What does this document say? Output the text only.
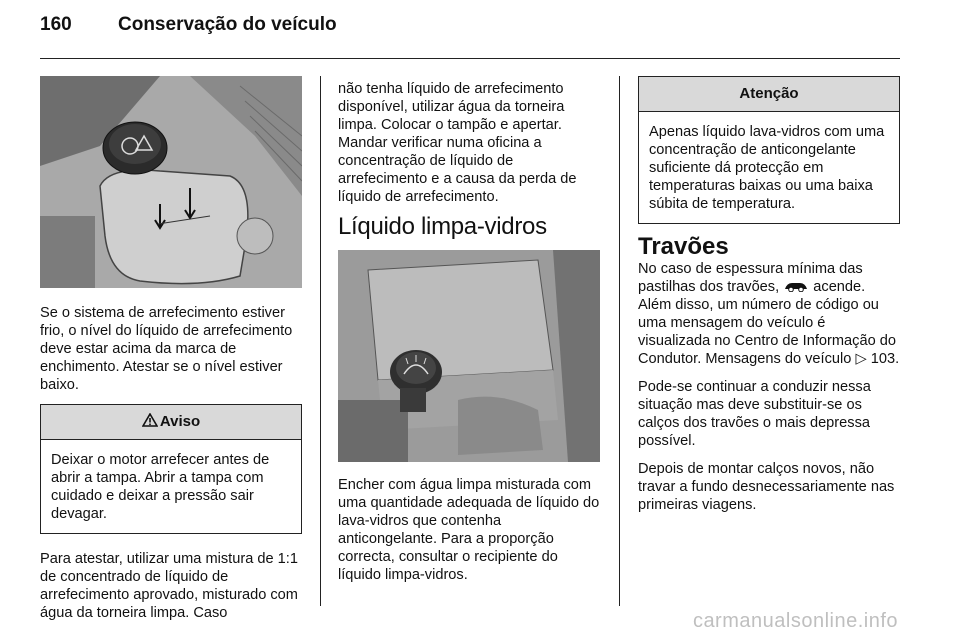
160	Conservação do veículo

Se o sistema de arrefecimento estiver frio, o nível do líquido de arrefecimento deve estar acima da marca de enchimento. Atestar se o nível estiver baixo.

Aviso
Deixar o motor arrefecer antes de abrir a tampa. Abrir a tampa com cuidado e deixar a pressão sair devagar.

Para atestar, utilizar uma mistura de 1:1 de concentrado de líquido de arrefecimento aprovado, misturado com água da torneira limpa. Caso

não tenha líquido de arrefecimento disponível, utilizar água da torneira limpa. Colocar o tampão e apertar. Mandar verificar numa oficina a concentração de líquido de arrefecimento e a causa da perda de líquido de arrefecimento.

Líquido limpa-vidros

Encher com água limpa misturada com uma quantidade adequada de líquido do lava-vidros que contenha anticongelante. Para a proporção correcta, consultar o recipiente do líquido limpa-vidros.

Atenção
Apenas líquido lava-vidros com uma concentração de anticongelante suficiente dá protecção em temperaturas baixas ou uma baixa súbita de temperatura.
Travões

No caso de espessura mínima das pastilhas dos travões, acende. Além disso, um número de código ou uma mensagem do veículo é visualizada no Centro de Informação do Condutor. Mensagens do veículo ▷ 103.

Pode-se continuar a conduzir nessa situação mas deve substituir-se os calços dos travões o mais depressa possível.

Depois de montar calços novos, não travar a fundo desnecessariamente nas primeiras viagens.

carmanualsonline.info
